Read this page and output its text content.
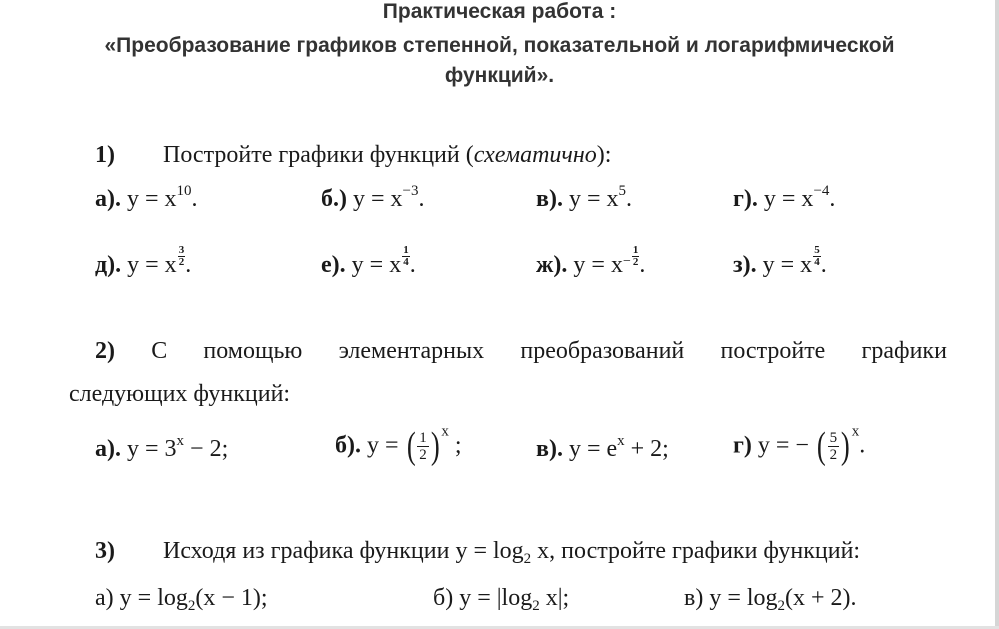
Практическая работа :
«Преобразование графиков степенной, показательной и логарифмической
функций».
1) Постройте графики функций (схематично):
а). $y = x^{10}$.	б.) $y = x^{-3}$.	в). $y = x^5$.	г). $y = x^{-4}$.
д). y = x $\frac{3}{2}$ .	е). y = x $\frac{1}{4}$ .	ж). $y = x^- \frac{1}{2}$ .	з). y = x $\frac{5}{4}$ .
2) С помощью элементарных преобразований постройте графики
следующих функций:
а). $y = 3^x - 2$;	б). y = ( $\frac{1}{2}$ ) $^x$ ;	в). $y = e^x + 2$;	г) y = − ( $\frac{5}{2}$ ) $^x$.
3) Исходя из графика функции $y = \log_2 x$, постройте графики функций:
а) $y = \log_2(x - 1)$;	б) $y = |\log_2$ x|;	в) $y = \log_2(x + 2)$.
